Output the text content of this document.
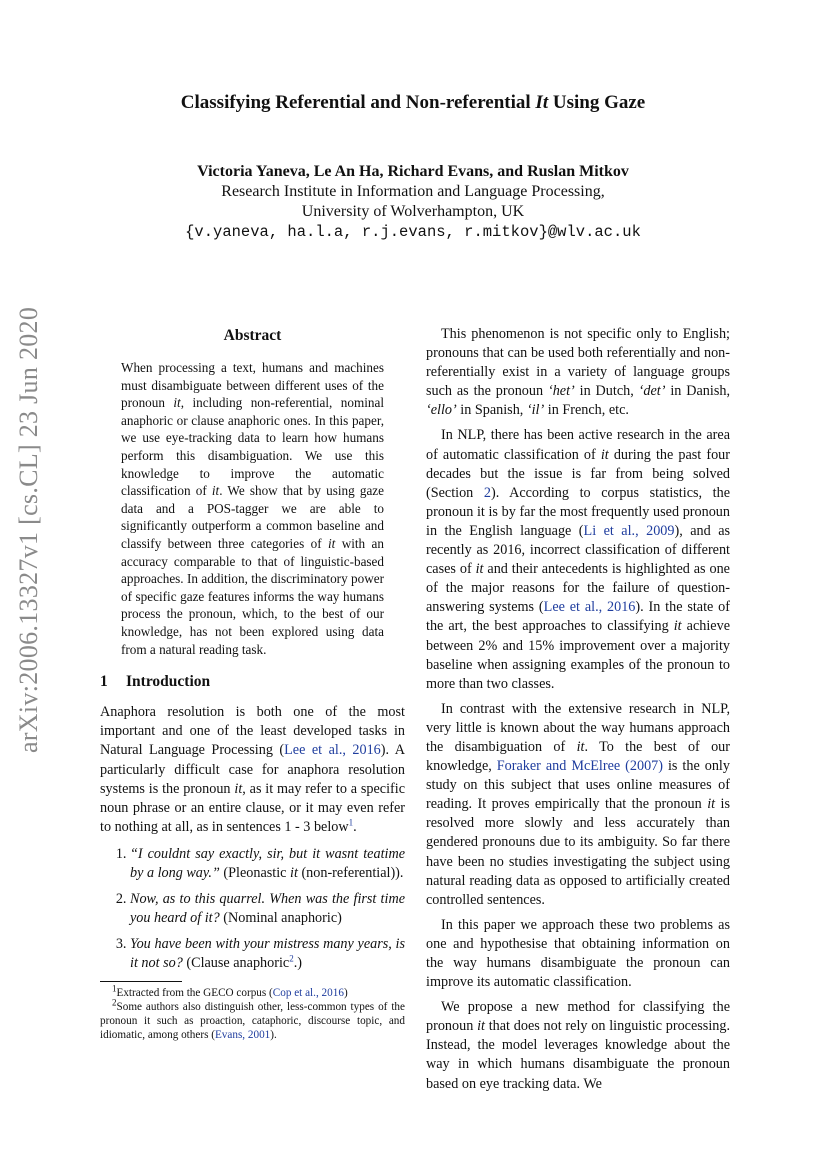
Classifying Referential and Non-referential It Using Gaze
Victoria Yaneva, Le An Ha, Richard Evans, and Ruslan Mitkov
Research Institute in Information and Language Processing,
University of Wolverhampton, UK
{v.yaneva, ha.l.a, r.j.evans, r.mitkov}@wlv.ac.uk
arXiv:2006.13327v1 [cs.CL] 23 Jun 2020	Abstract
When processing a text, humans and machines must disambiguate between different uses of the pronoun it, including non-referential, nominal anaphoric or clause anaphoric ones. In this paper, we use eye-tracking data to learn how humans perform this disambiguation. We use this knowledge to improve the automatic classification of it. We show that by using gaze data and a POS-tagger we are able to significantly outperform a common baseline and classify between three categories of it with an accuracy comparable to that of linguistic-based approaches. In addition, the discriminatory power of specific gaze features informs the way humans process the pronoun, which, to the best of our knowledge, has not been explored using data from a natural reading task.
1 Introduction

Anaphora resolution is both one of the most important and one of the least developed tasks in Natural Language Processing (Lee et al., 2016). A particularly difficult case for anaphora resolution systems is the pronoun it, as it may refer to a specific noun phrase or an entire clause, or it may even refer to nothing at all, as in sentences 1 - 3 below$^1$.

1. “I couldnt say exactly, sir, but it wasnt teatime by a long way.” (Pleonastic it (non-referential)).
2. Now, as to this quarrel. When was the first time you heard of it? (Nominal anaphoric)
3. You have been with your mistress many years, is it not so? (Clause anaphoric$^2$.)

$^1$Extracted from the GECO corpus (Cop et al., 2016)

$^2$Some authors also distinguish other, less-common types of the pronoun it such as proaction, cataphoric, discourse topic, and idiomatic, among others (Evans, 2001).

This phenomenon is not specific only to English; pronouns that can be used both referentially and non-referentially exist in a variety of language groups such as the pronoun ‘het’ in Dutch, ‘det’ in Danish, ‘ello’ in Spanish, ‘il’ in French, etc.

In NLP, there has been active research in the area of automatic classification of it during the past four decades but the issue is far from being solved (Section 2). According to corpus statistics, the pronoun it is by far the most frequently used pronoun in the English language (Li et al., 2009), and as recently as 2016, incorrect classification of different cases of it and their antecedents is highlighted as one of the major reasons for the failure of question-answering systems (Lee et al., 2016). In the state of the art, the best approaches to classifying it achieve between 2% and 15% improvement over a majority baseline when assigning examples of the pronoun to more than two classes.

In contrast with the extensive research in NLP, very little is known about the way humans approach the disambiguation of it. To the best of our knowledge, Foraker and McElree (2007) is the only study on this subject that uses online measures of reading. It proves empirically that the pronoun it is resolved more slowly and less accurately than gendered pronouns due to its ambiguity. So far there have been no studies investigating the subject using natural reading data as opposed to artificially created controlled sentences.

In this paper we approach these two problems as one and hypothesise that obtaining information on the way humans disambiguate the pronoun can improve its automatic classification.

We propose a new method for classifying the pronoun it that does not rely on linguistic processing. Instead, the model leverages knowledge about the way in which humans disambiguate the pronoun based on eye tracking data. We
